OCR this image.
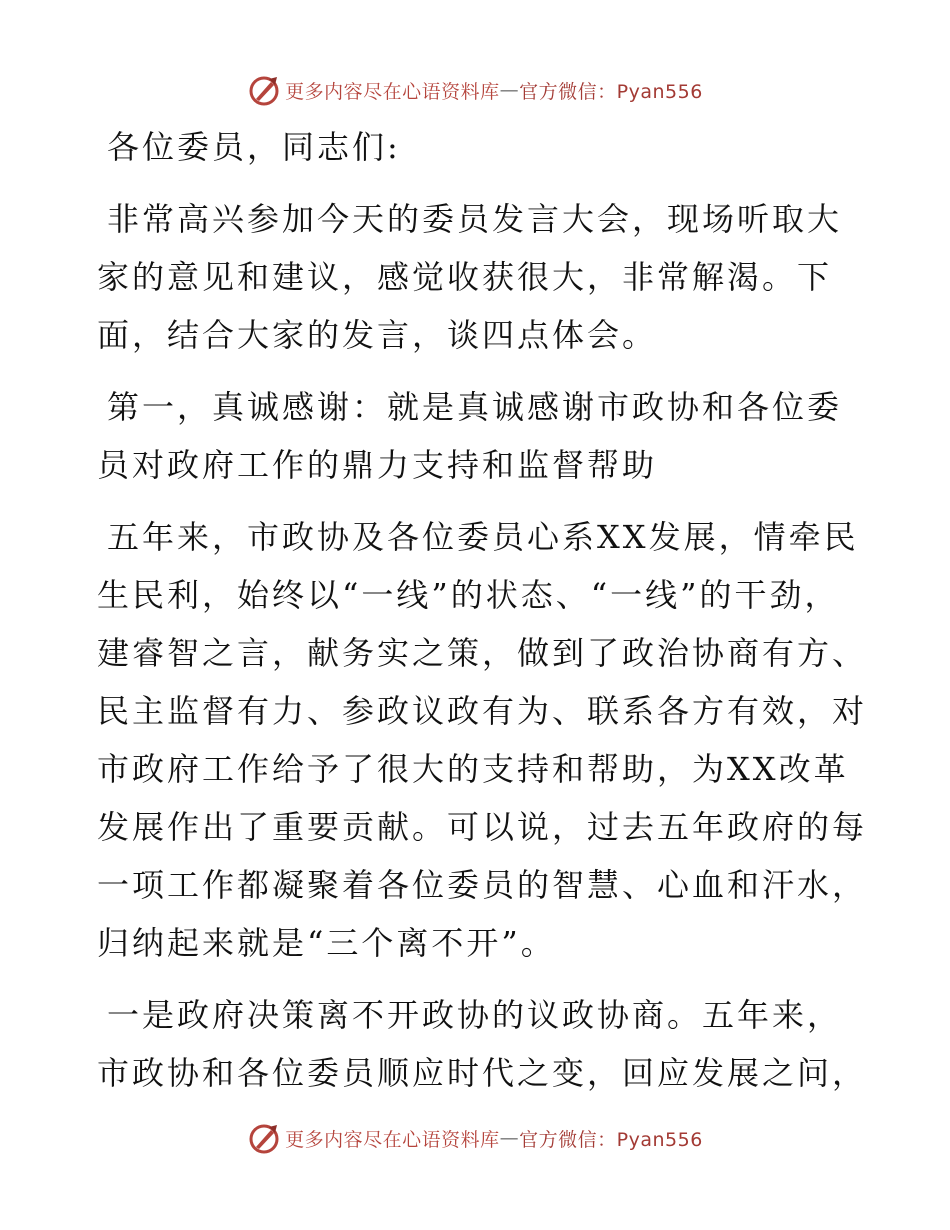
更多内容尽在心语资料库 — 官方微信：Pyan556

各位委员，同志们:

非常高兴参加今天的委员发言大会，现场听取大家的意见和建议，感觉收获很大，非常解渴。下面，结合大家的发言，谈四点体会。

第一，真诚感谢：就是真诚感谢市政协和各位委员对政府工作的鼎力支持和监督帮助

五年来，市政协及各位委员心系XX发展，情牵民生民利，始终以“一线”的状态、“一线”的干劲，建睿智之言，献务实之策，做到了政治协商有方、民主监督有力、参政议政有为、联系各方有效，对市政府工作给予了很大的支持和帮助，为XX改革发展作出了重要贡献。可以说，过去五年政府的每一项工作都凝聚着各位委员的智慧、心血和汗水，归纳起来就是“三个离不开”。

一是政府决策离不开政协的议政协商。五年来，市政协和各位委员顺应时代之变，回应发展之问，

更多内容尽在心语资料库 — 官方微信：Pyan556
